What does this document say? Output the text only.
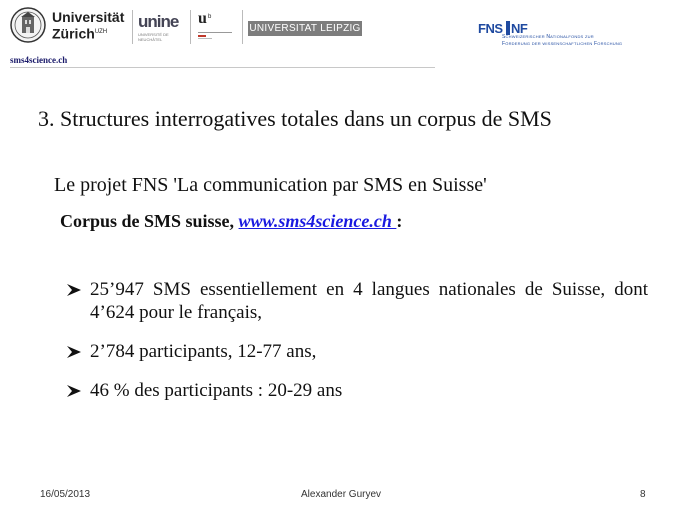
Universität
Zürich$^{UZH}$
unine
UNIVERSITÉ DE
NEUCHÂTEL
u b
UNIVERSITAT LEIPZIG
sms4science.ch
FNS NF
Schweizerischer Nationalfonds zur
Förderung der wissenschaftlichen Forschung
3. Structures interrogatives totales dans un corpus de SMS
Le projet FNS 'La communication par SMS en Suisse'
Corpus de SMS suisse, www.sms4science.ch :
25’947 SMS essentiellement en 4 langues nationales de Suisse, dont 4’624 pour le français,
2’784 participants, 12-77 ans,
46 % des participants : 20-29 ans
16/05/2013	Alexander Guryev	8
